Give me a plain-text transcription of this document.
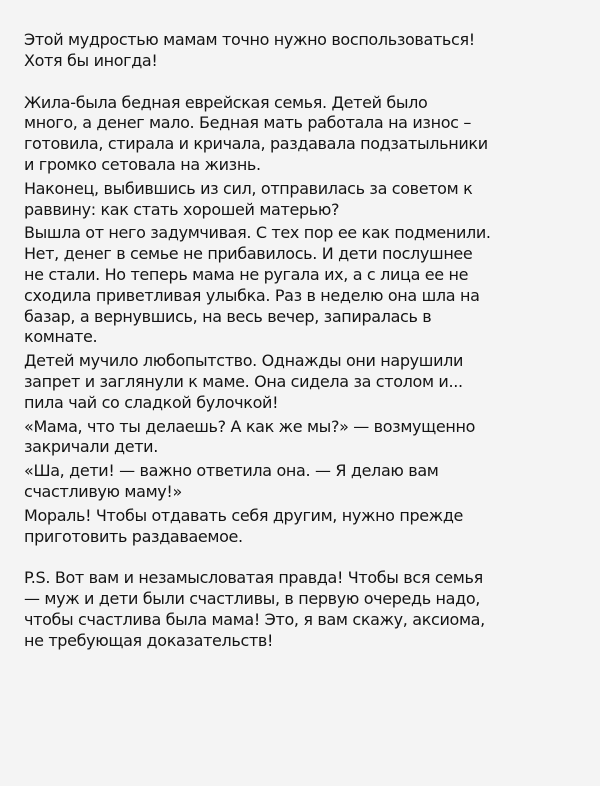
Этой мудростью мамам точно нужно воспользоваться!
Хотя бы иногда!

Жила-была бедная еврейская семья. Детей было
много, а денег мало. Бедная мать работала на износ –
готовила, стирала и кричала, раздавала подзатыльники
и громко сетовала на жизнь.

Наконец, выбившись из сил, отправилась за советом к
раввину: как стать хорошей матерью?

Вышла от него задумчивая. С тех пор ее как подменили.
Нет, денег в семье не прибавилось. И дети послушнее
не стали. Но теперь мама не ругала их, а с лица ее не
сходила приветливая улыбка. Раз в неделю она шла на
базар, а вернувшись, на весь вечер, запиралась в
комнате.

Детей мучило любопытство. Однажды они нарушили
запрет и заглянули к маме. Она сидела за столом и...
пила чай со сладкой булочкой!

«Мама, что ты делаешь? А как же мы?» — возмущенно
закричали дети.

«Ша, дети! — важно ответила она. — Я делаю вам
счастливую маму!»

Мораль! Чтобы отдавать себя другим, нужно прежде
приготовить раздаваемое.

P.S. Вот вам и незамысловатая правда! Чтобы вся семья
— муж и дети были счастливы, в первую очередь надо,
чтобы счастлива была мама! Это, я вам скажу, аксиома,
не требующая доказательств!
